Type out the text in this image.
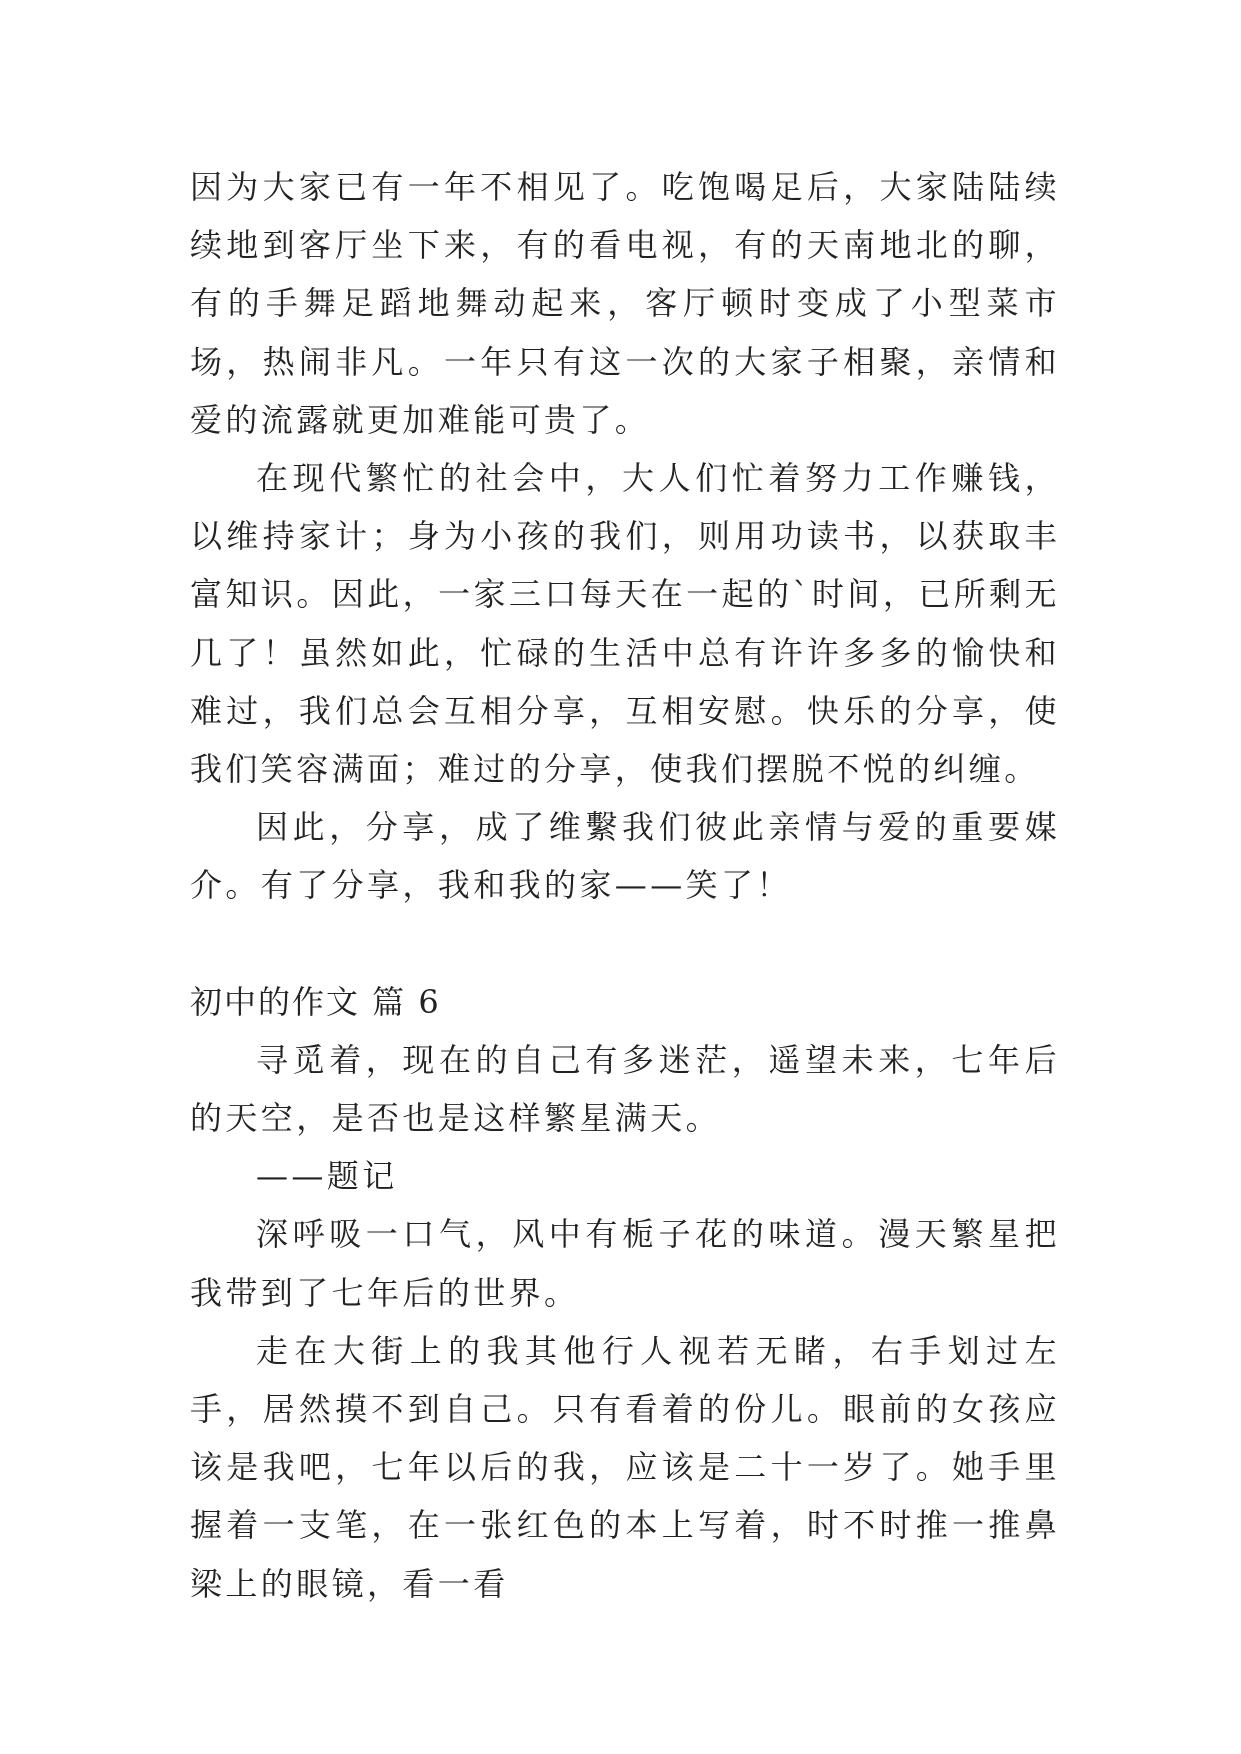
因为大家已有一年不相见了。吃饱喝足后，大家陆陆续续地到客厅坐下来，有的看电视，有的天南地北的聊，有的手舞足蹈地舞动起来，客厅顿时变成了小型菜市场，热闹非凡。一年只有这一次的大家子相聚，亲情和爱的流露就更加难能可贵了。

在现代繁忙的社会中，大人们忙着努力工作赚钱，以维持家计；身为小孩的我们，则用功读书，以获取丰富知识。因此，一家三口每天在一起的`时间，已所剩无几了！虽然如此，忙碌的生活中总有许许多多的愉快和难过，我们总会互相分享，互相安慰。快乐的分享，使我们笑容满面；难过的分享，使我们摆脱不悦的纠缠。

因此，分享，成了维繫我们彼此亲情与爱的重要媒介。有了分享，我和我的家——笑了！

初中的作文 篇 6

寻觅着，现在的自己有多迷茫，遥望未来，七年后的天空，是否也是这样繁星满天。

——题记

深呼吸一口气，风中有栀子花的味道。漫天繁星把我带到了七年后的世界。

走在大街上的我其他行人视若无睹，右手划过左手，居然摸不到自己。只有看着的份儿。眼前的女孩应该是我吧，七年以后的我，应该是二十一岁了。她手里握着一支笔，在一张红色的本上写着，时不时推一推鼻梁上的眼镜，看一看
